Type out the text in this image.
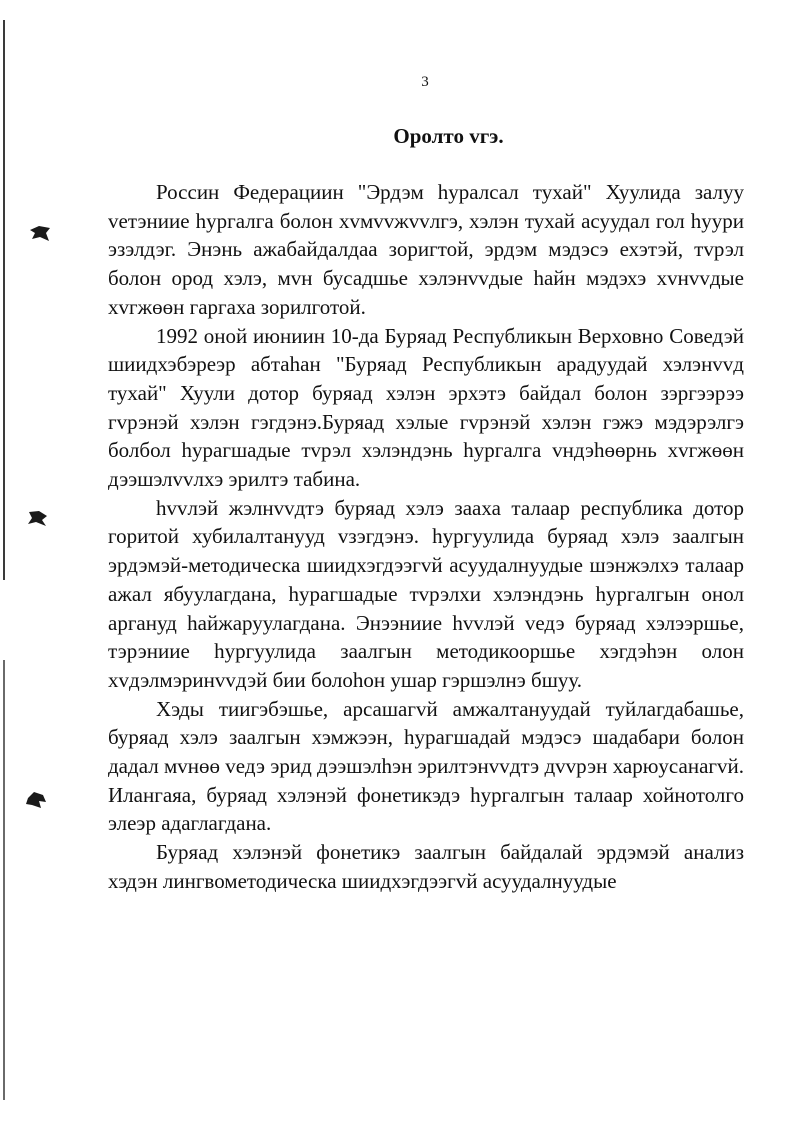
3
Оролто vгэ.

Россин Федерациин "Эрдэм hуралсал тухай" Хуулида залуу vетэниие hургалга болон хvмvvжvvлгэ, хэлэн тухай асуудал гол hуури эзэлдэг. Энэнь ажабайдалдаа зоригтой, эрдэм мэдэсэ ехэтэй, тvрэл болон ород хэлэ, мvн бусадшье хэлэнvvдые hайн мэдэхэ хvнvvдые хvгжөөн гаргаха зорилготой.

1992 оной июниин 10-да Буряад Республикын Верховно Соведэй шиидхэбэреэр абтаhан "Буряад Республикын арадуудай хэлэнvvд тухай" Хуули дотор буряад хэлэн эрхэтэ байдал болон зэргээрээ гvрэнэй хэлэн гэгдэнэ.Буряад хэлые гvрэнэй хэлэн гэжэ мэдэрэлгэ болбол hурагшадые тvрэл хэлэндэнь hургалга vндэhөөрнь хvгжөөн дээшэлvvлхэ эрилтэ табина.

hvvлэй жэлнvvдтэ буряад хэлэ зааха талаар республика дотор горитой хубилалтанууд vзэгдэнэ. hургуулида буряад хэлэ заалгын эрдэмэй-методическа шиидхэгдээгvй асуудалнуудые шэнжэлхэ талаар ажал ябуулагдана, hурагшадые тvрэлхи хэлэндэнь hургалгын онол аргануд hайжаруулагдана. Энээниие hvvлэй vедэ буряад хэлээршье, тэрэниие hургуулида заалгын методикооршье хэгдэhэн олон хvдэлмэринvvдэй бии болоhон ушар гэршэлнэ бшуу.

Хэды тиигэбэшье, арсашагvй амжалтануудай туйлагдабашье, буряад хэлэ заалгын хэмжээн, hурагшадай мэдэсэ шадабари болон дадал мvнөө vедэ эрид дээшэлhэн эрилтэнvvдтэ дvvрэн харюусанагvй. Илангаяа, буряад хэлэнэй фонетикэдэ hургалгын талаар хойнотолго элеэр адаглагдана.

Буряад хэлэнэй фонетикэ заалгын байдалай эрдэмэй анализ хэдэн лингвометодическа шиидхэгдээгvй асуудалнуудые
